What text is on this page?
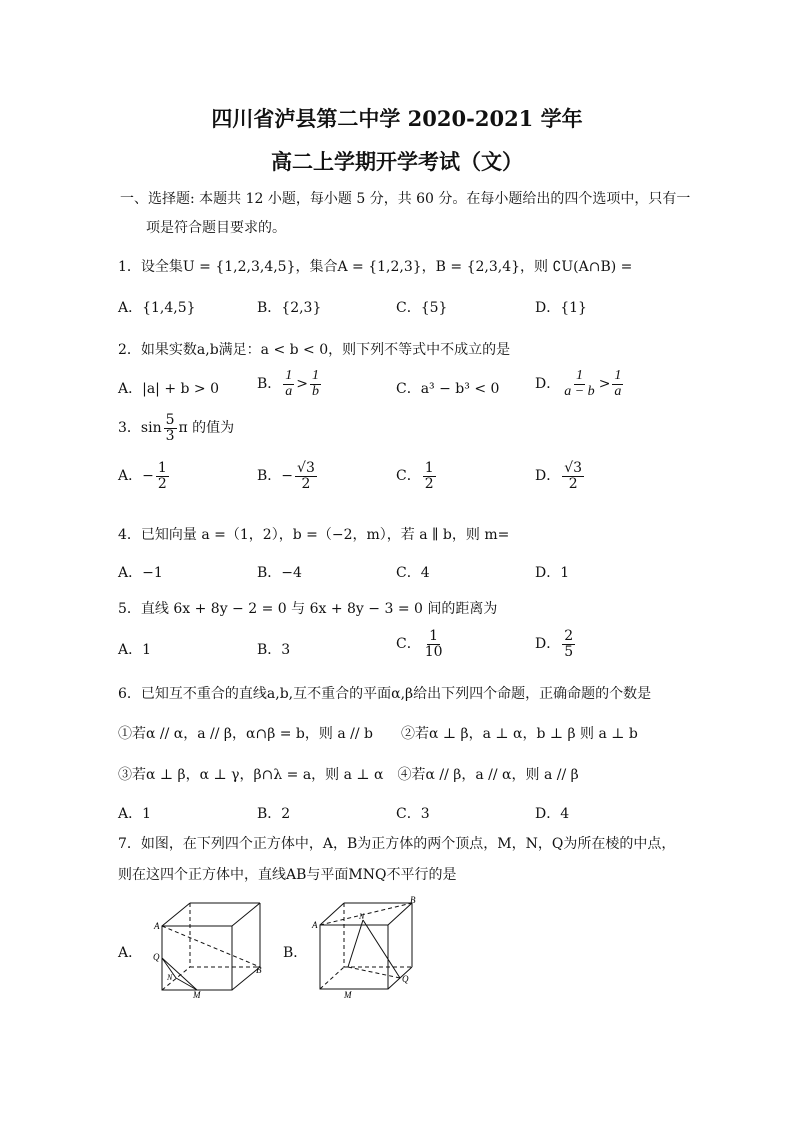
四川省泸县第二中学 2020-2021 学年
高二上学期开学考试（文）
一、选择题: 本题共 12 小题，每小题 5 分，共 60 分。在每小题给出的四个选项中，只有一
项是符合题目要求的。
1．设全集U = {1,2,3,4,5}，集合A = {1,2,3}，B = {2,3,4}，则 ∁U(A∩B) =
A．{1,4,5}	B．{2,3}	C．{5}	D．{1}
2．如果实数a,b满足：a < b < 0，则下列不等式中不成立的是
A．|a| + b > 0	B． $\frac{1}{a} > \frac{1}{b}$	C．a³ − b³ < 0	D． $\frac{1}{a - b} > \frac{1}{a}$
3．$\sin \frac{5}{3}$ π 的值为
A．− $\frac{1}{2}$	B．− $\frac{√3}{2}$	C． $\frac{1}{2}$	D． $\frac{√3}{2}$
4．已知向量 a =（1，2），b =（−2，m），若 a ∥ b，则 m=
A．−1	B．−4	C．4	D．1
5．直线 6x + 8y − 2 = 0 与 6x + 8y − 3 = 0 间的距离为
A．1	B．3	C． $\frac{1}{10}$	D． $\frac{2}{5}$
6．已知互不重合的直线a,b,互不重合的平面α,β给出下列四个命题，正确命题的个数是
①若α // α，a // β，α∩β = b，则 a // b　　②若α ⊥ β，a ⊥ α，b ⊥ β 则 a ⊥ b
③若α ⊥ β，α ⊥ γ，β∩λ = a，则 a ⊥ α　④若α // β，a // α，则 a // β
A．1	B．2	C．3	D．4
7．如图，在下列四个正方体中，A，B为正方体的两个顶点，M，N，Q为所在棱的中点，
则在这四个正方体中，直线AB与平面MNQ不平行的是
A．
A
Q
N
M
B
B．
A
B
N
Q
M
